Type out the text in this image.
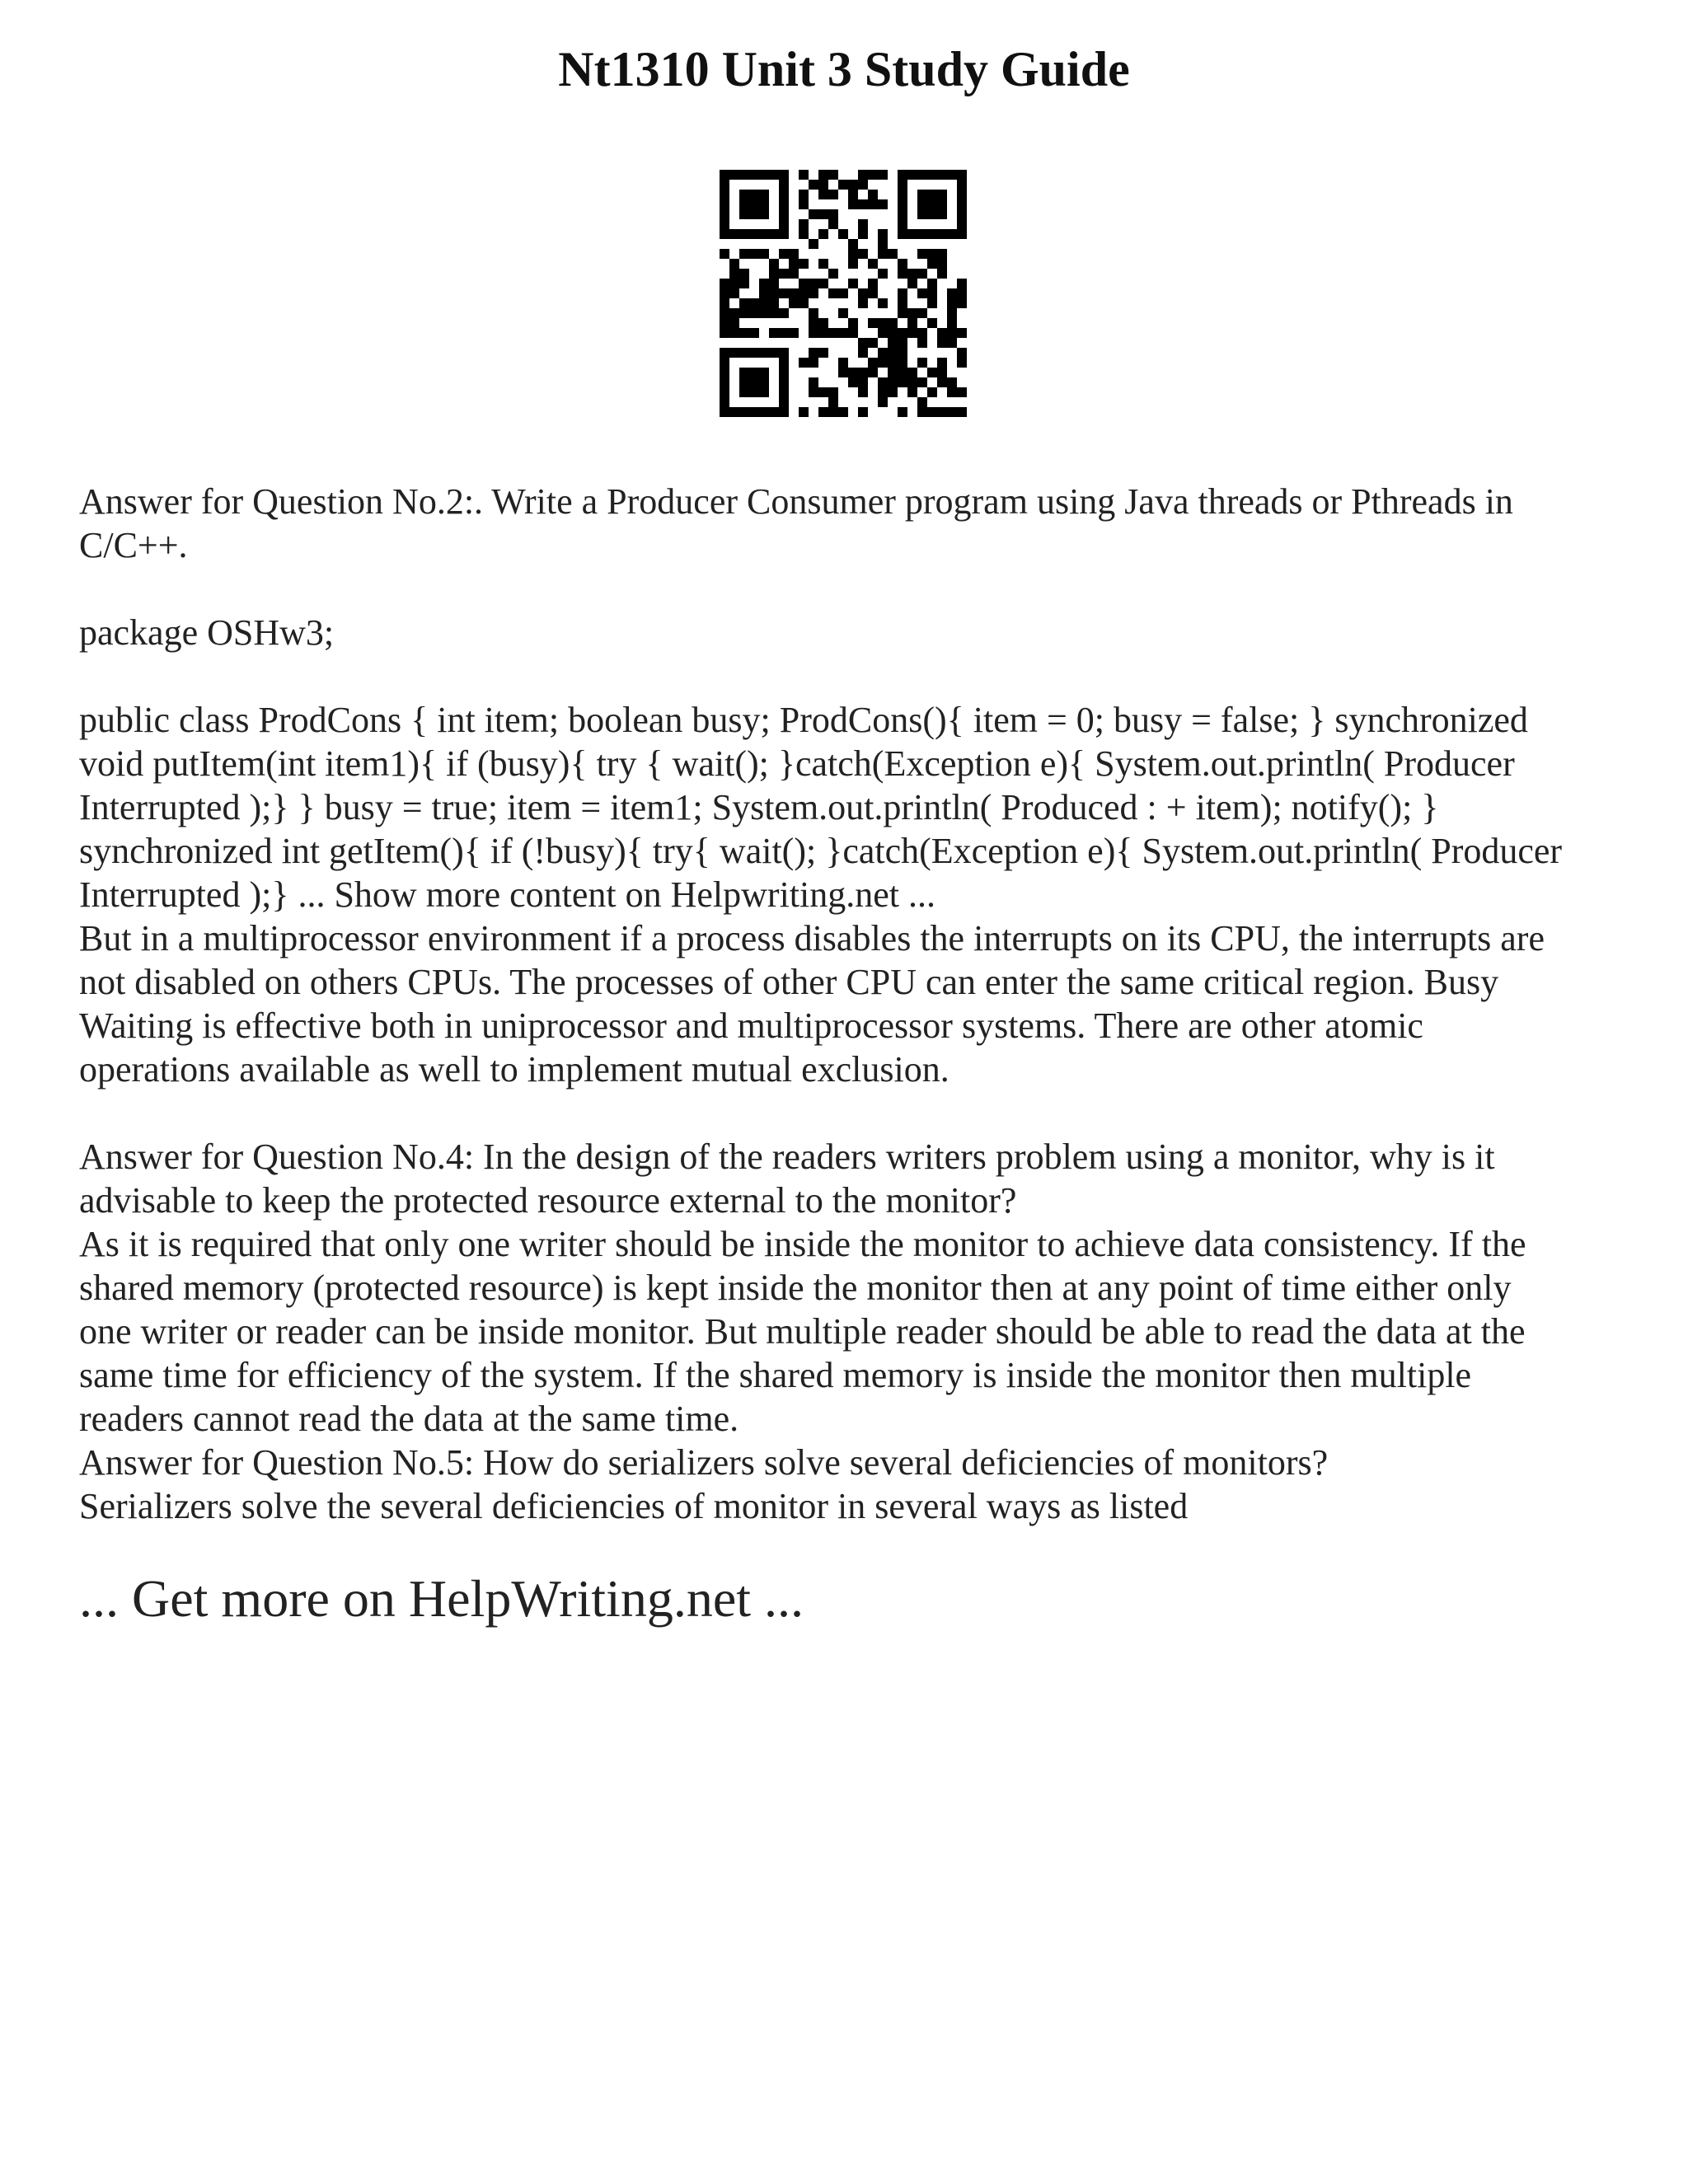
Nt1310 Unit 3 Study Guide

Answer for Question No.2:. Write a Producer Consumer program using Java threads or Pthreads in
C/C++.

package OSHw3;

public class ProdCons { int item; boolean busy; ProdCons(){ item = 0; busy = false; } synchronized
void putItem(int item1){ if (busy){ try { wait(); }catch(Exception e){ System.out.println( Producer
Interrupted );} } busy = true; item = item1; System.out.println( Produced : + item); notify(); }
synchronized int getItem(){ if (!busy){ try{ wait(); }catch(Exception e){ System.out.println( Producer
Interrupted );} ... Show more content on Helpwriting.net ...

But in a multiprocessor environment if a process disables the interrupts on its CPU, the interrupts are
not disabled on others CPUs. The processes of other CPU can enter the same critical region. Busy
Waiting is effective both in uniprocessor and multiprocessor systems. There are other atomic
operations available as well to implement mutual exclusion.

Answer for Question No.4: In the design of the readers writers problem using a monitor, why is it
advisable to keep the protected resource external to the monitor?

As it is required that only one writer should be inside the monitor to achieve data consistency. If the
shared memory (protected resource) is kept inside the monitor then at any point of time either only
one writer or reader can be inside monitor. But multiple reader should be able to read the data at the
same time for efficiency of the system. If the shared memory is inside the monitor then multiple
readers cannot read the data at the same time.

Answer for Question No.5: How do serializers solve several deficiencies of monitors?

Serializers solve the several deficiencies of monitor in several ways as listed

... Get more on HelpWriting.net ...
